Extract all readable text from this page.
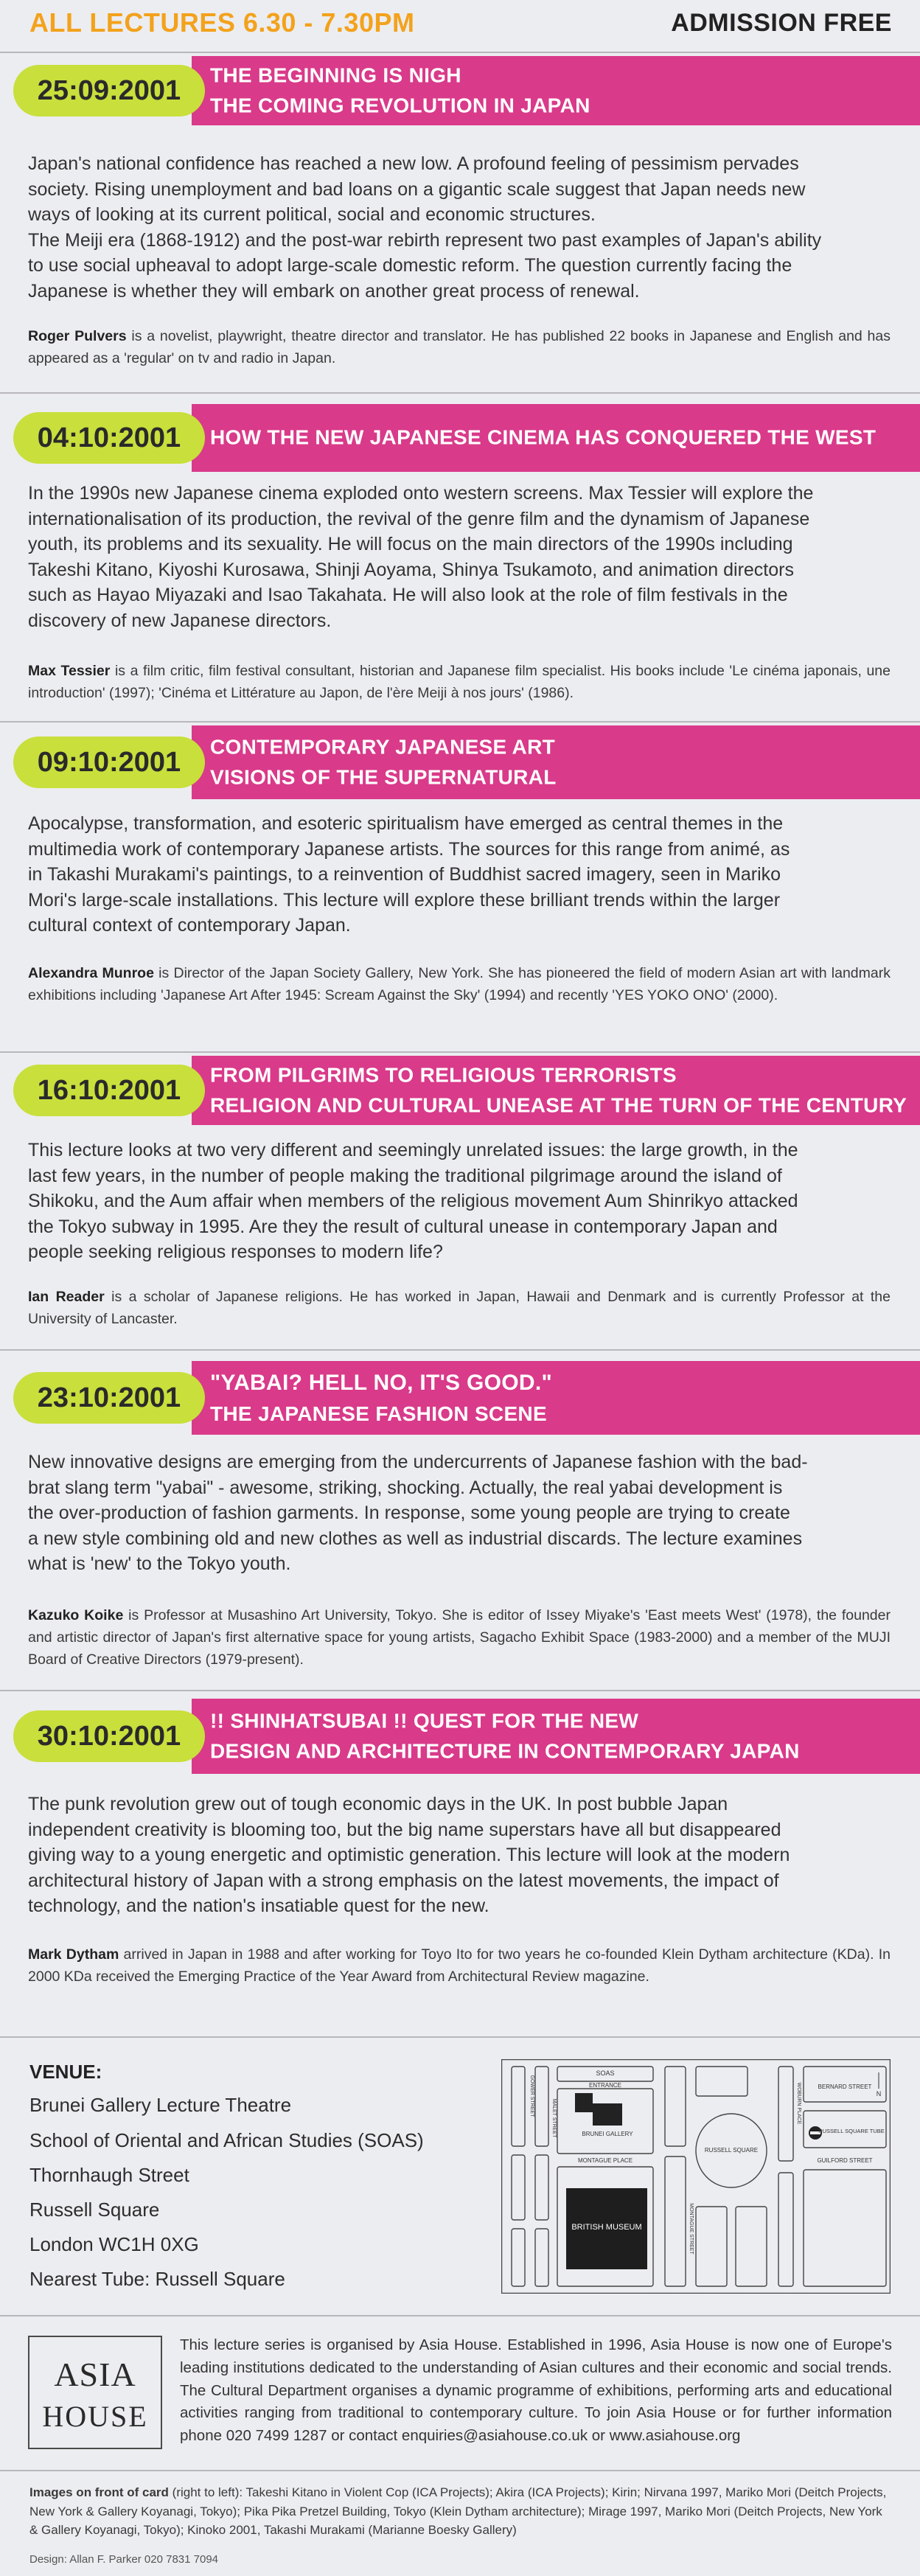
ALL LECTURES 6.30 - 7.30PM	ADMISSION FREE
25:09:2001	THE BEGINNING IS NIGH
THE COMING REVOLUTION IN JAPAN
Japan's national confidence has reached a new low. A profound feeling of pessimism pervades
society. Rising unemployment and bad loans on a gigantic scale suggest that Japan needs new
ways of looking at its current political, social and economic structures.
The Meiji era (1868-1912) and the post-war rebirth represent two past examples of Japan's ability
to use social upheaval to adopt large-scale domestic reform. The question currently facing the
Japanese is whether they will embark on another great process of renewal.
Roger Pulvers is a novelist, playwright, theatre director and translator. He has published 22 books in Japanese and English and has appeared as a 'regular' on tv and radio in Japan.
04:10:2001	HOW THE NEW JAPANESE CINEMA HAS CONQUERED THE WEST
In the 1990s new Japanese cinema exploded onto western screens. Max Tessier will explore the
internationalisation of its production, the revival of the genre film and the dynamism of Japanese
youth, its problems and its sexuality. He will focus on the main directors of the 1990s including
Takeshi Kitano, Kiyoshi Kurosawa, Shinji Aoyama, Shinya Tsukamoto, and animation directors
such as Hayao Miyazaki and Isao Takahata. He will also look at the role of film festivals in the
discovery of new Japanese directors.
Max Tessier is a film critic, film festival consultant, historian and Japanese film specialist. His books include 'Le cinéma japonais, une introduction' (1997); 'Cinéma et Littérature au Japon, de l'ère Meiji à nos jours' (1986).
09:10:2001	CONTEMPORARY JAPANESE ART
VISIONS OF THE SUPERNATURAL
Apocalypse, transformation, and esoteric spiritualism have emerged as central themes in the
multimedia work of contemporary Japanese artists. The sources for this range from animé, as
in Takashi Murakami's paintings, to a reinvention of Buddhist sacred imagery, seen in Mariko
Mori's large-scale installations. This lecture will explore these brilliant trends within the larger
cultural context of contemporary Japan.
Alexandra Munroe is Director of the Japan Society Gallery, New York. She has pioneered the field of modern Asian art with landmark exhibitions including 'Japanese Art After 1945: Scream Against the Sky' (1994) and recently 'YES YOKO ONO' (2000).
16:10:2001	FROM PILGRIMS TO RELIGIOUS TERRORISTS
RELIGION AND CULTURAL UNEASE AT THE TURN OF THE CENTURY
This lecture looks at two very different and seemingly unrelated issues: the large growth, in the
last few years, in the number of people making the traditional pilgrimage around the island of
Shikoku, and the Aum affair when members of the religious movement Aum Shinrikyo attacked
the Tokyo subway in 1995. Are they the result of cultural unease in contemporary Japan and
people seeking religious responses to modern life?
Ian Reader is a scholar of Japanese religions. He has worked in Japan, Hawaii and Denmark and is currently Professor at the University of Lancaster.
23:10:2001	"YABAI? HELL NO, IT'S GOOD."
THE JAPANESE FASHION SCENE
New innovative designs are emerging from the undercurrents of Japanese fashion with the bad-
brat slang term "yabai" - awesome, striking, shocking. Actually, the real yabai development is
the over-production of fashion garments. In response, some young people are trying to create
a new style combining old and new clothes as well as industrial discards. The lecture examines
what is 'new' to the Tokyo youth.
Kazuko Koike is Professor at Musashino Art University, Tokyo. She is editor of Issey Miyake's 'East meets West' (1978), the founder and artistic director of Japan's first alternative space for young artists, Sagacho Exhibit Space (1983-2000) and a member of the MUJI Board of Creative Directors (1979-present).
30:10:2001	!! SHINHATSUBAI !! QUEST FOR THE NEW
DESIGN AND ARCHITECTURE IN CONTEMPORARY JAPAN
The punk revolution grew out of tough economic days in the UK. In post bubble Japan
independent creativity is blooming too, but the big name superstars have all but disappeared
giving way to a young energetic and optimistic generation. This lecture will look at the modern
architectural history of Japan with a strong emphasis on the latest movements, the impact of
technology, and the nation's insatiable quest for the new.
Mark Dytham arrived in Japan in 1988 and after working for Toyo Ito for two years he co-founded Klein Dytham architecture (KDa). In 2000 KDa received the Emerging Practice of the Year Award from Architectural Review magazine.
VENUE:
Brunei Gallery Lecture Theatre
School of Oriental and African Studies (SOAS)
Thornhaugh Street
Russell Square
London WC1H 0XG
Nearest Tube: Russell Square
SOAS
ENTRANCE
BRUNEI GALLERY
MONTAGUE PLACE
BRITISH MUSEUM
RUSSELL SQUARE
BERNARD STREET
RUSSELL SQUARE TUBE
GUILFORD STREET
GOWER STREET
MALET STREET	WOBURN PLACE
MONTAGUE STREET
N
ASIA
HOUSE
This lecture series is organised by Asia House. Established in 1996, Asia House is now one of Europe's leading institutions dedicated to the understanding of Asian cultures and their economic and social trends. The Cultural Department organises a dynamic programme of exhibitions, performing arts and educational activities ranging from traditional to contemporary culture. To join Asia House or for further information phone 020 7499 1287 or contact enquiries@asiahouse.co.uk or www.asiahouse.org
Images on front of card (right to left): Takeshi Kitano in Violent Cop (ICA Projects); Akira (ICA Projects); Kirin; Nirvana 1997, Mariko Mori (Deitch Projects, New York & Gallery Koyanagi, Tokyo); Pika Pika Pretzel Building, Tokyo (Klein Dytham architecture); Mirage 1997, Mariko Mori (Deitch Projects, New York & Gallery Koyanagi, Tokyo); Kinoko 2001, Takashi Murakami (Marianne Boesky Gallery)
Design: Allan F. Parker 020 7831 7094
